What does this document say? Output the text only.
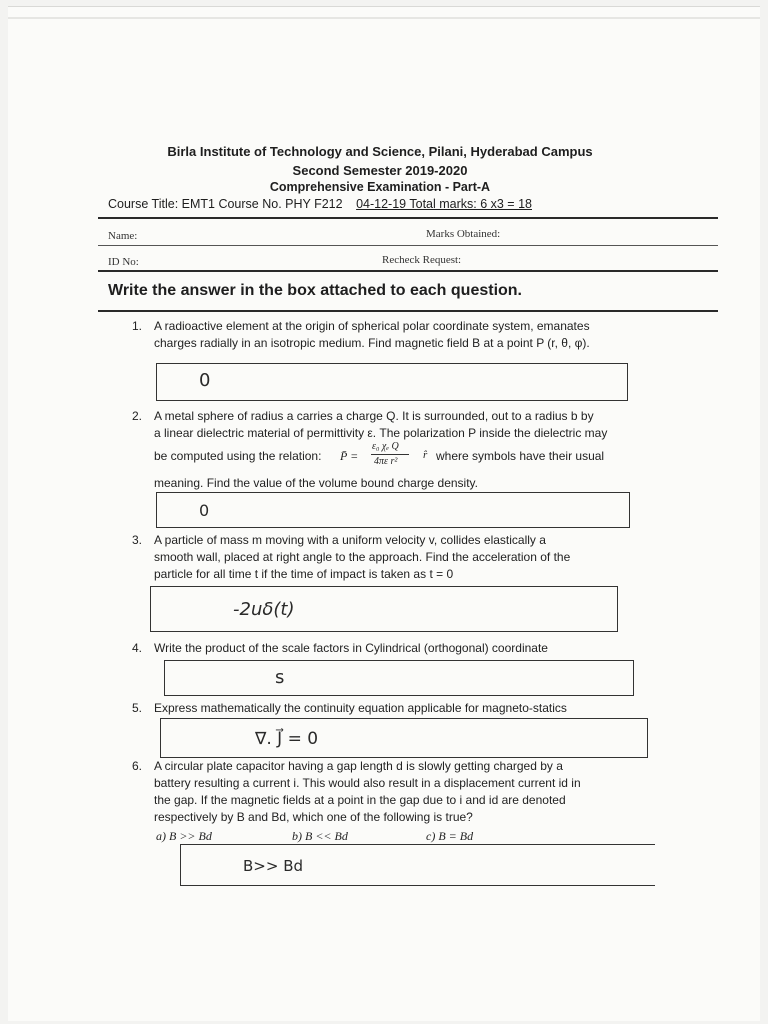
Birla Institute of Technology and Science, Pilani, Hyderabad Campus
Second Semester 2019-2020
Comprehensive Examination - Part-A
Course Title: EMT1 Course No. PHY F212 04-12-19 Total marks: 6 x3 = 18
Name:	Marks Obtained:
ID No:	Recheck Request:
Write the answer in the box attached to each question.
1. A radioactive element at the origin of spherical polar coordinate system, emanates
charges radially in an isotropic medium. Find magnetic field B at a point P (r, θ, φ).
0
2. A metal sphere of radius a carries a charge Q. It is surrounded, out to a radius b by
a linear dielectric material of permittivity ε. The polarization P inside the dielectric may
be computed using the relation: P̄ =
ε₀ χₑ Q
4πε r²
r̂ where symbols have their usual
meaning. Find the value of the volume bound charge density.
0
3. A particle of mass m moving with a uniform velocity v, collides elastically a
smooth wall, placed at right angle to the approach. Find the acceleration of the
particle for all time t if the time of impact is taken as t = 0
-2uδ(t)
4. Write the product of the scale factors in Cylindrical (orthogonal) coordinate
s
5. Express mathematically the continuity equation applicable for magneto-statics
∇. J⃗ = 0
6. A circular plate capacitor having a gap length d is slowly getting charged by a
battery resulting a current i. This would also result in a displacement current id in
the gap. If the magnetic fields at a point in the gap due to i and id are denoted
respectively by B and Bd, which one of the following is true?
a) B >> Bd	b) B << Bd	c) B = Bd
B>> Bd
